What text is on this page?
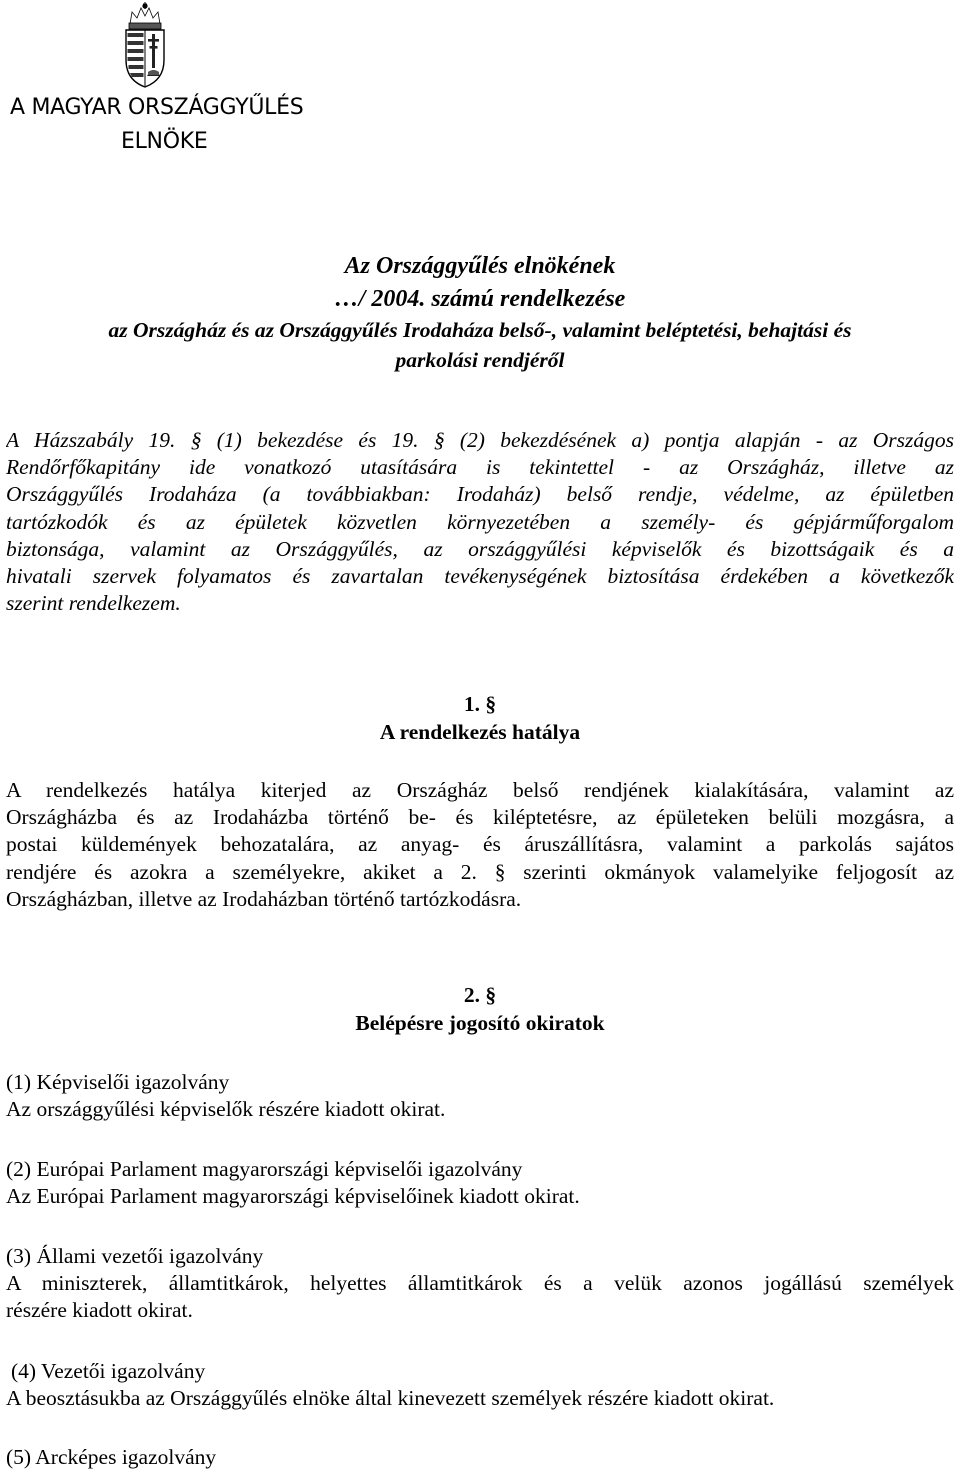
A MAGYAR ORSZÁGGYŰLÉS
ELNÖKE
Az Országgyűlés elnökének
…/ 2004. számú rendelkezése
az Országház és az Országgyűlés Irodaháza belső-, valamint beléptetési, behajtási és
parkolási rendjéről
A Házszabály 19. § (1) bekezdése és 19. § (2) bekezdésének a) pontja alapján - az Országos
Rendőrfőkapitány ide vonatkozó utasítására is tekintettel - az Országház, illetve az
Országgyűlés Irodaháza (a továbbiakban: Irodaház) belső rendje, védelme, az épületben
tartózkodók és az épületek közvetlen környezetében a személy- és gépjárműforgalom
biztonsága, valamint az Országgyűlés, az országgyűlési képviselők és bizottságaik és a
hivatali szervek folyamatos és zavartalan tevékenységének biztosítása érdekében a következők
szerint rendelkezem.
1. §
A rendelkezés hatálya
A rendelkezés hatálya kiterjed az Országház belső rendjének kialakítására, valamint az
Országházba és az Irodaházba történő be- és kiléptetésre, az épületeken belüli mozgásra, a
postai küldemények behozatalára, az anyag- és áruszállításra, valamint a parkolás sajátos
rendjére és azokra a személyekre, akiket a 2. § szerinti okmányok valamelyike feljogosít az
Országházban, illetve az Irodaházban történő tartózkodásra.
2. §
Belépésre jogosító okiratok
(1) Képviselői igazolvány
Az országgyűlési képviselők részére kiadott okirat.
(2) Európai Parlament magyarországi képviselői igazolvány
Az Európai Parlament magyarországi képviselőinek kiadott okirat.
(3) Állami vezetői igazolvány
A miniszterek, államtitkárok, helyettes államtitkárok és a velük azonos jogállású személyek
részére kiadott okirat.
(4) Vezetői igazolvány
A beosztásukba az Országgyűlés elnöke által kinevezett személyek részére kiadott okirat.
(5) Arcképes igazolvány
